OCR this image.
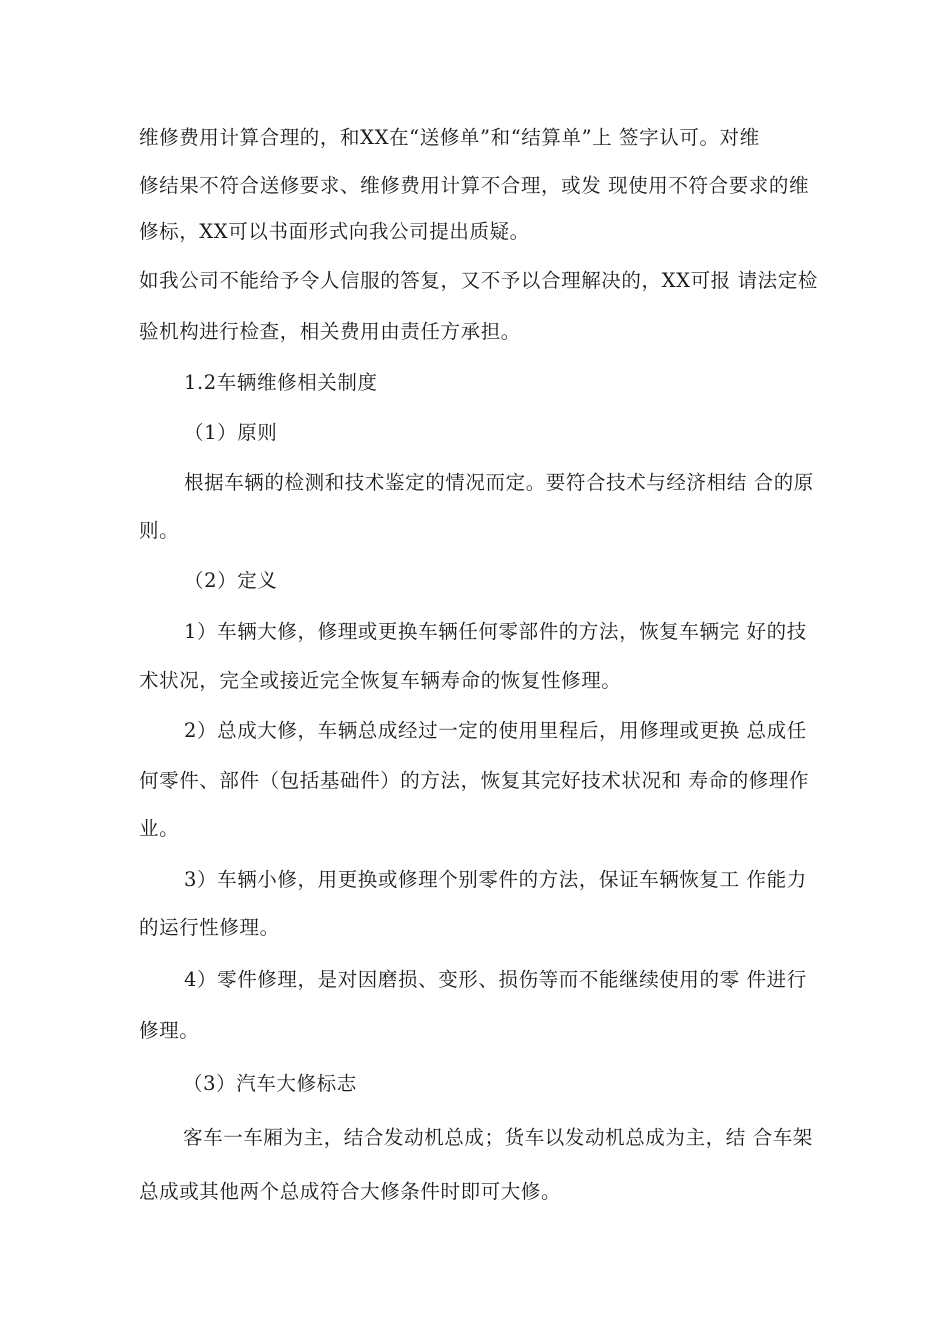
维修费用计算合理的，和XX在“送修单”和“结算单”上 签字认可。对维
修结果不符合送修要求、维修费用计算不合理，或发 现使用不符合要求的维
修标，XX可以书面形式向我公司提出质疑。
如我公司不能给予令人信服的答复，又不予以合理解决的，XX可报 请法定检
验机构进行检查，相关费用由责任方承担。
1.2车辆维修相关制度
（1）原则
根据车辆的检测和技术鉴定的情况而定。要符合技术与经济相结 合的原
则。
（2）定义
1）车辆大修，修理或更换车辆任何零部件的方法，恢复车辆完 好的技
术状况，完全或接近完全恢复车辆寿命的恢复性修理。
2）总成大修，车辆总成经过一定的使用里程后，用修理或更换 总成任
何零件、部件（包括基础件）的方法，恢复其完好技术状况和 寿命的修理作
业。
3）车辆小修，用更换或修理个别零件的方法，保证车辆恢复工 作能力
的运行性修理。
4）零件修理，是对因磨损、变形、损伤等而不能继续使用的零 件进行
修理。
（3）汽车大修标志
客车一车厢为主，结合发动机总成；货车以发动机总成为主，结 合车架
总成或其他两个总成符合大修条件时即可大修。
